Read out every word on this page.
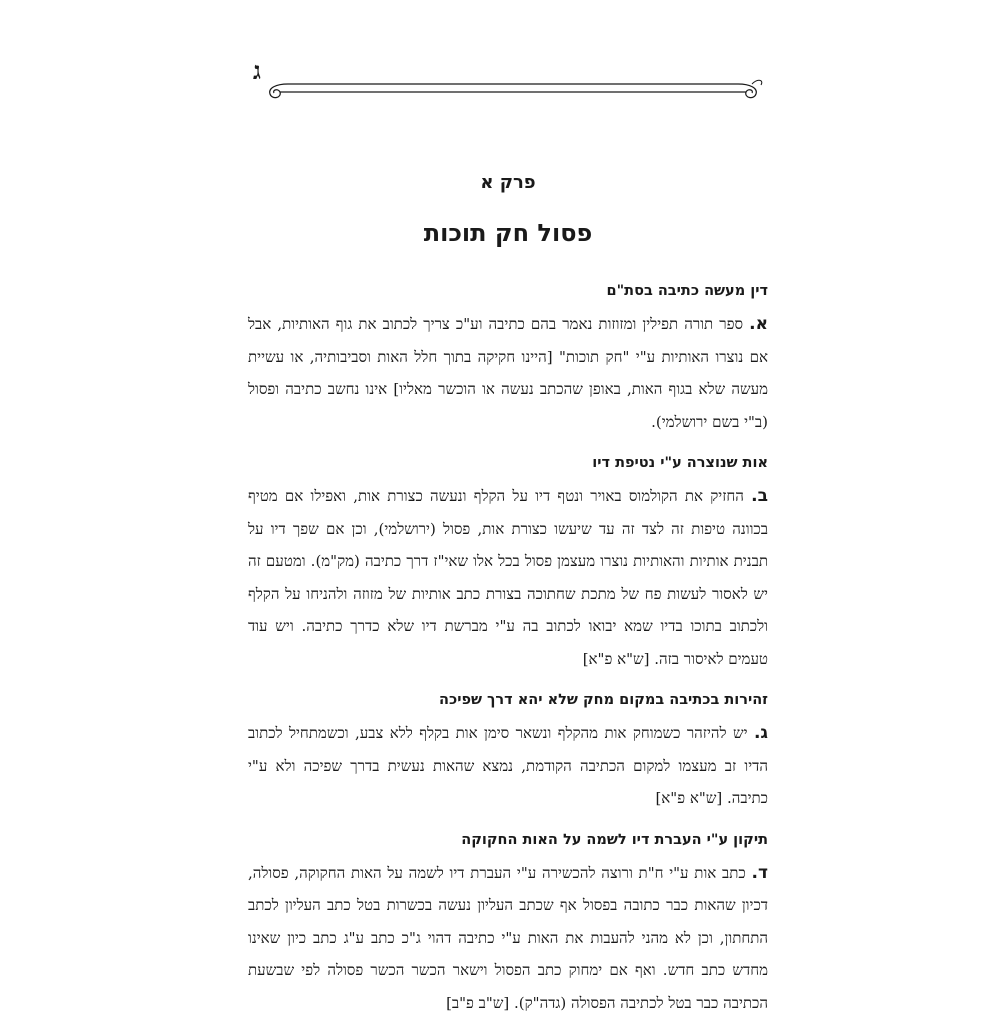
ג
פרק א
פסול חק תוכות
דין מעשה כתיבה בסת"ם
א. ספר תורה תפילין ומזוזות נאמר בהם כתיבה וע"כ צריך לכתוב את גוף האותיות, אבל אם נוצרו האותיות ע"י "חק תוכות" [היינו חקיקה בתוך חלל האות וסביבותיה, או עשיית מעשה שלא בגוף האות, באופן שהכתב נעשה או הוכשר מאליו] אינו נחשב כתיבה ופסול (ב"י בשם ירושלמי).
אות שנוצרה ע"י נטיפת דיו
ב. החזיק את הקולמוס באויר ונטף דיו על הקלף ונעשה כצורת אות, ואפילו אם מטיף בכוונה טיפות זה לצד זה עד שיעשו כצורת אות, פסול (ירושלמי), וכן אם שפך דיו על תבנית אותיות והאותיות נוצרו מעצמן פסול בכל אלו שאי"ז דרך כתיבה (מק"מ). ומטעם זה יש לאסור לעשות פח של מתכת שחתוכה בצורת כתב אותיות של מזוזה ולהניחו על הקלף ולכתוב בתוכו בדיו שמא יבואו לכתוב בה ע"י מברשת דיו שלא כדרך כתיבה. ויש עוד טעמים לאיסור בזה. [ש"א פ"א]
זהירות בכתיבה במקום מחק שלא יהא דרך שפיכה
ג. יש להיזהר כשמוחק אות מהקלף ונשאר סימן אות בקלף ללא צבע, וכשמתחיל לכתוב הדיו זב מעצמו למקום הכתיבה הקודמת, נמצא שהאות נעשית בדרך שפיכה ולא ע"י כתיבה. [ש"א פ"א]
תיקון ע"י העברת דיו לשמה על האות החקוקה
ד. כתב אות ע"י ח"ת ורוצה להכשירה ע"י העברת דיו לשמה על האות החקוקה, פסולה, דכיון שהאות כבר כתובה בפסול אף שכתב העליון נעשה בכשרות בטל כתב העליון לכתב התחתון, וכן לא מהני להעבות את האות ע"י כתיבה דהוי ג"כ כתב ע"ג כתב כיון שאינו מחדש כתב חדש. ואף אם ימחוק כתב הפסול וישאר הכשר הכשר פסולה לפי שבשעת הכתיבה כבר בטל לכתיבה הפסולה (גדה"ק). [ש"ב פ"ב]
